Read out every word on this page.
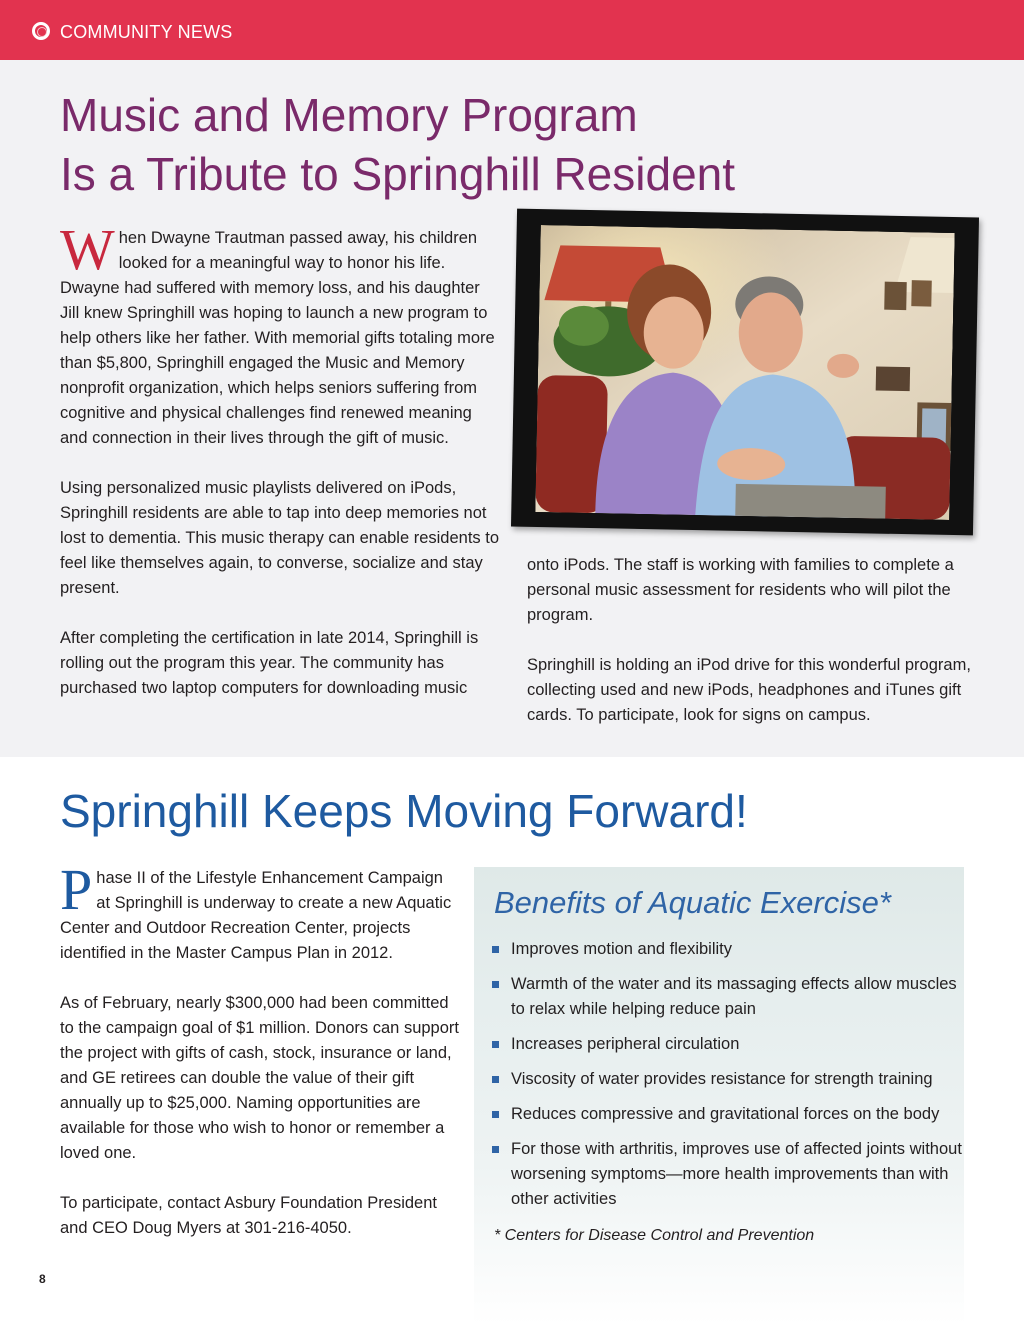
COMMUNITY NEWS
Music and Memory Program
Is a Tribute to Springhill Resident

When Dwayne Trautman passed away, his children looked for a meaningful way to honor his life. Dwayne had suffered with memory loss, and his daughter Jill knew Springhill was hoping to launch a new program to help others like her father. With memorial gifts totaling more than $5,800, Springhill engaged the Music and Memory nonprofit organization, which helps seniors suffering from cognitive and physical challenges find renewed meaning and connection in their lives through the gift of music.

Using personalized music playlists delivered on iPods, Springhill residents are able to tap into deep memories not lost to dementia. This music therapy can enable residents to feel like themselves again, to converse, socialize and stay present.

After completing the certification in late 2014, Springhill is rolling out the program this year. The community has purchased two laptop computers for downloading music

onto iPods. The staff is working with families to complete a personal music assessment for residents who will pilot the program.

Springhill is holding an iPod drive for this wonderful program, collecting used and new iPods, headphones and iTunes gift cards. To participate, look for signs on campus.

Springhill Keeps Moving Forward!

Phase II of the Lifestyle Enhancement Campaign at Springhill is underway to create a new Aquatic Center and Outdoor Recreation Center, projects identified in the Master Campus Plan in 2012.

As of February, nearly $300,000 had been committed to the campaign goal of $1 million. Donors can support the project with gifts of cash, stock, insurance or land, and GE retirees can double the value of their gift annually up to $25,000. Naming opportunities are available for those who wish to honor or remember a loved one.

To participate, contact Asbury Foundation President and CEO Doug Myers at 301-216-4050.

Benefits of Aquatic Exercise*
Improves motion and flexibility
Warmth of the water and its massaging effects allow muscles to relax while helping reduce pain
Increases peripheral circulation
Viscosity of water provides resistance for strength training
Reduces compressive and gravitational forces on the body
For those with arthritis, improves use of affected joints without worsening symptoms—more health improvements than with other activities
* Centers for Disease Control and Prevention
8
